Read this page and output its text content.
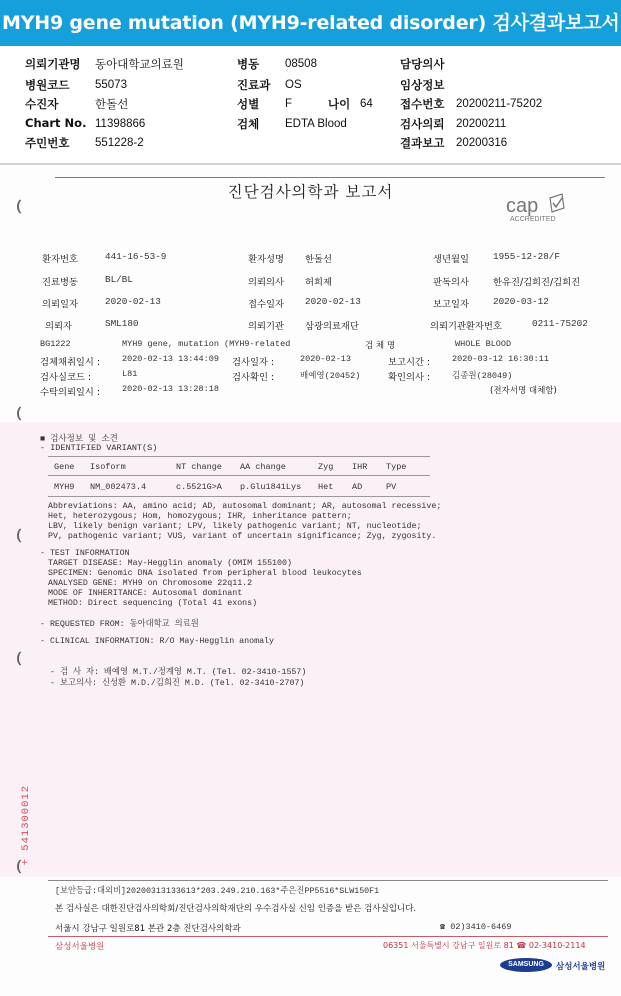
MYH9 gene mutation (MYH9-related disorder) 검사결과보고서
의뢰기관명 동아대학교의료원	병동 08508	담당의사
병원코드 55073	진료과 OS	임상정보
수진자	한돌선	성별 F	나이 64 접수번호 20200211-75202
Chart No. 11398866	검체 EDTA Blood	검사의뢰 20200211
주민번호 551228-2	결과보고 20200316
진단검사의학과 보고서
cap
ACCREDITED
환자번호	441-16-53-9	환자성명 한돌선	생년월일	1955-12-28/F
진료병동	BL/BL	의뢰의사 허희제	판독의사	한유진/김희진/김희진
의뢰일자	2020-02-13	접수일자 2020-02-13	보고일자	2020-03-12
의뢰자	SML180	의뢰기관 삼광의료재단	의뢰기관환자번호	0211-75202
BG1222	MYH9 gene, mutation (MYH9-related	검 체 명	WHOLE BLOOD
검체채취일시 :	2020-02-13 13:44:09 검사일자 :	2020-02-13	보고시간 :	2020-03-12 16:30:11
검사실코드 :	L81	검사확인 :	배예영(20452)	확인의사 :	김종원(28049)
수탁의뢰일시 :	2020-02-13 13:28:18	(전자서명 대체함)
■ 검사정보 및 소견
- IDENTIFIED VARIANT(S)
Gene Isoform	NT change AA change	Zyg IHR Type
MYH9 NM_002473.4	c.5521G>A p.Glu1841Lys Het AD	PV
Abbreviations: AA, amino acid; AD, autosomal dominant; AR, autosomal recessive;
Het, heterozygous; Hom, homozygous; IHR, inheritance pattern;
LBV, likely benign variant; LPV, likely pathogenic variant; NT, nucleotide;
PV, pathogenic variant; VUS, variant of uncertain significance; Zyg, zygosity.
- TEST INFORMATION
TARGET DISEASE: May-Hegglin anomaly (OMIM 155100)
SPECIMEN: Genomic DNA isolated from peripheral blood leukocytes
ANALYSED GENE: MYH9 on Chromosome 22q11.2
MODE OF INHERITANCE: Autosomal dominant
METHOD: Direct sequencing (Total 41 exons)
- REQUESTED FROM: 동아대학교 의료원
- CLINICAL INFORMATION: R/O May-Hegglin anomaly
- 검 사 자: 배예영 M.T./정계영 M.T. (Tel. 02-3410-1557)
- 보고의사: 신성환 M.D./김희진 M.D. (Tel. 02-3410-2707)
+ 541300012
[보안등급:대외비]20200313133613*203.249.210.163*주은진PP5516*SLW150F1
본 검사실은 대한진단검사의학회/진단검사의학재단의 우수검사실 신임 인증을 받은 검사실입니다.
서울시 강남구 일원로81 본관 2층 진단검사의학과	☎ 02)3410-6469
삼성서울병원	06351 서울특별시 강남구 일원로 81 ☎ 02-3410-2114
SAMSUNG	삼성서울병원
